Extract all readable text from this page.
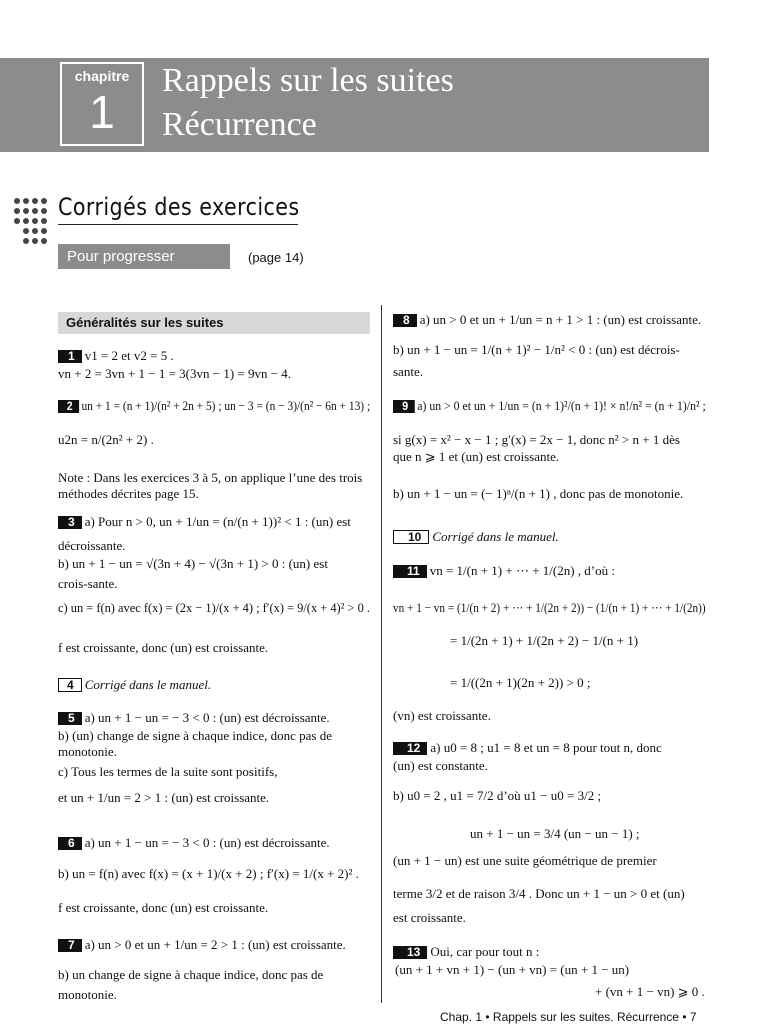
chapitre
1
Rappels sur les suites
Récurrence
Corrigés des exercices
Pour progresser	(page 14)
Généralités sur les suites
1 v1 = 2 et v2 = 5 .
vn + 2 = 3vn + 1 − 1 = 3(3vn − 1) = 9vn − 4.
2 un + 1 = (n + 1)/(n² + 2n + 5) ; un − 3 = (n − 3)/(n² − 6n + 13) ;
u2n = n/(2n² + 2) .
Note : Dans les exercices 3 à 5, on applique l’une des trois
méthodes décrites page 15.
3 a) Pour n > 0, un + 1/un = (n/(n + 1))² < 1 : (un) est
décroissante.
b) un + 1 − un = √(3n + 4) − √(3n + 1) > 0 : (un) est
crois-sante.
c) un = f(n) avec f(x) = (2x − 1)/(x + 4) ; f′(x) = 9/(x + 4)² > 0 .
f est croissante, donc (un) est croissante.
4 Corrigé dans le manuel.
5 a) un + 1 − un = − 3 < 0 : (un) est décroissante.
b) (un) change de signe à chaque indice, donc pas de
monotonie.
c) Tous les termes de la suite sont positifs,
et un + 1/un = 2 > 1 : (un) est croissante.
6 a) un + 1 − un = − 3 < 0 : (un) est décroissante.
b) un = f(n) avec f(x) = (x + 1)/(x + 2) ; f′(x) = 1/(x + 2)² .
f est croissante, donc (un) est croissante.
7 a) un > 0 et un + 1/un = 2 > 1 : (un) est croissante.
b) un change de signe à chaque indice, donc pas de
monotonie.
8 a) un > 0 et un + 1/un = n + 1 > 1 : (un) est croissante.
b) un + 1 − un = 1/(n + 1)² − 1/n² < 0 : (un) est décrois-
sante.
9 a) un > 0 et un + 1/un = (n + 1)²/(n + 1)! × n!/n² = (n + 1)/n² ;
si g(x) = x² − x − 1 ; g′(x) = 2x − 1, donc n² > n + 1 dès
que n ⩾ 1 et (un) est croissante.
b) un + 1 − un = (− 1)ⁿ/(n + 1) , donc pas de monotonie.
10 Corrigé dans le manuel.
11 vn = 1/(n + 1) + ⋯ + 1/(2n) , d’où :
vn + 1 − vn = (1/(n + 2) + ⋯ + 1/(2n + 2)) − (1/(n + 1) + ⋯ + 1/(2n))
= 1/(2n + 1) + 1/(2n + 2) − 1/(n + 1)
= 1/((2n + 1)(2n + 2)) > 0 ;
(vn) est croissante.
12 a) u0 = 8 ; u1 = 8 et un = 8 pour tout n, donc
(un) est constante.
b) u0 = 2 , u1 = 7/2 d’où u1 − u0 = 3/2 ;
un + 1 − un = 3/4 (un − un − 1) ;
(un + 1 − un) est une suite géométrique de premier
terme 3/2 et de raison 3/4 . Donc un + 1 − un > 0 et (un)
est croissante.
13 Oui, car pour tout n :
(un + 1 + vn + 1) − (un + vn) = (un + 1 − un)
+ (vn + 1 − vn) ⩾ 0 .
Chap. 1 • Rappels sur les suites. Récurrence • 7
